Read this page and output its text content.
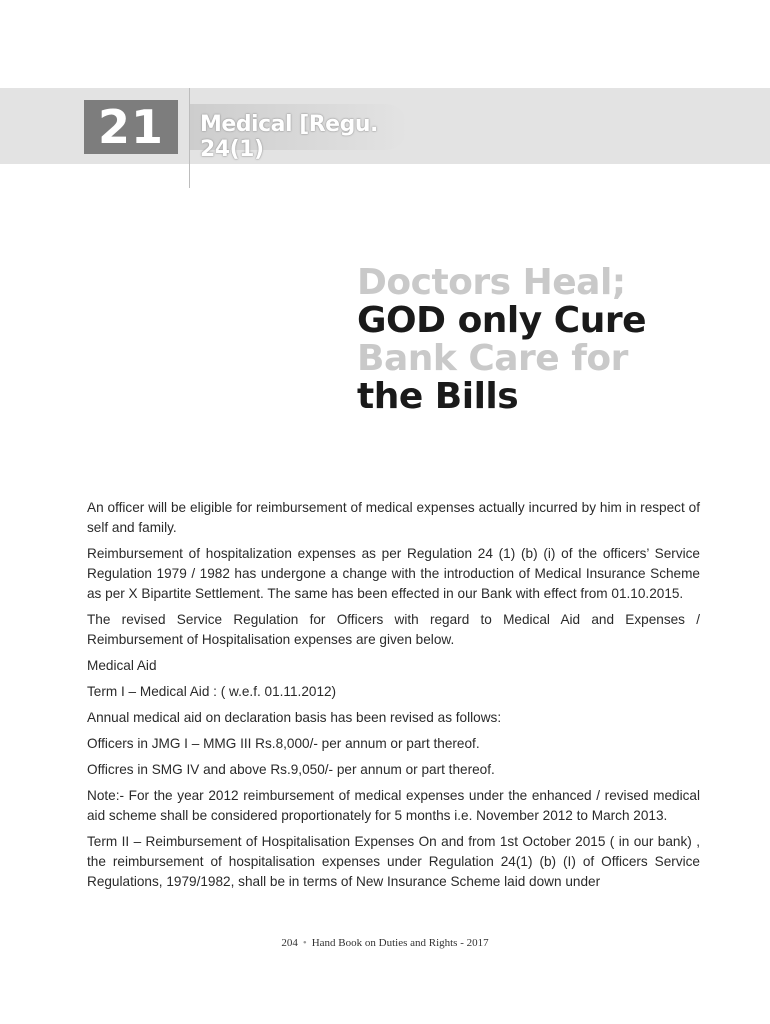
21	Medical [Regu. 24(1)
Doctors Heal;
GOD only Cure
Bank Care for
the Bills

An officer will be eligible for reimbursement of medical expenses actually incurred by him in respect of self and family.

Reimbursement of hospitalization expenses as per Regulation 24 (1) (b) (i) of the officers’ Service Regulation 1979 / 1982 has undergone a change with the introduction of Medical Insurance Scheme as per X Bipartite Settlement. The same has been effected in our Bank with effect from 01.10.2015.

The revised Service Regulation for Officers with regard to Medical Aid and Expenses / Reimbursement of Hospitalisation expenses are given below.

Medical Aid

Term I – Medical Aid : ( w.e.f. 01.11.2012)

Annual medical aid on declaration basis has been revised as follows:

Officers in JMG I – MMG III Rs.8,000/- per annum or part thereof.

Officres in SMG IV and above Rs.9,050/- per annum or part thereof.

Note:- For the year 2012 reimbursement of medical expenses under the enhanced / revised medical aid scheme shall be considered proportionately for 5 months i.e. November 2012 to March 2013.

Term II – Reimbursement of Hospitalisation Expenses On and from 1st October 2015 ( in our bank) , the reimbursement of hospitalisation expenses under Regulation 24(1) (b) (I) of Officers Service Regulations, 1979/1982, shall be in terms of New Insurance Scheme laid down under

204 • Hand Book on Duties and Rights - 2017
